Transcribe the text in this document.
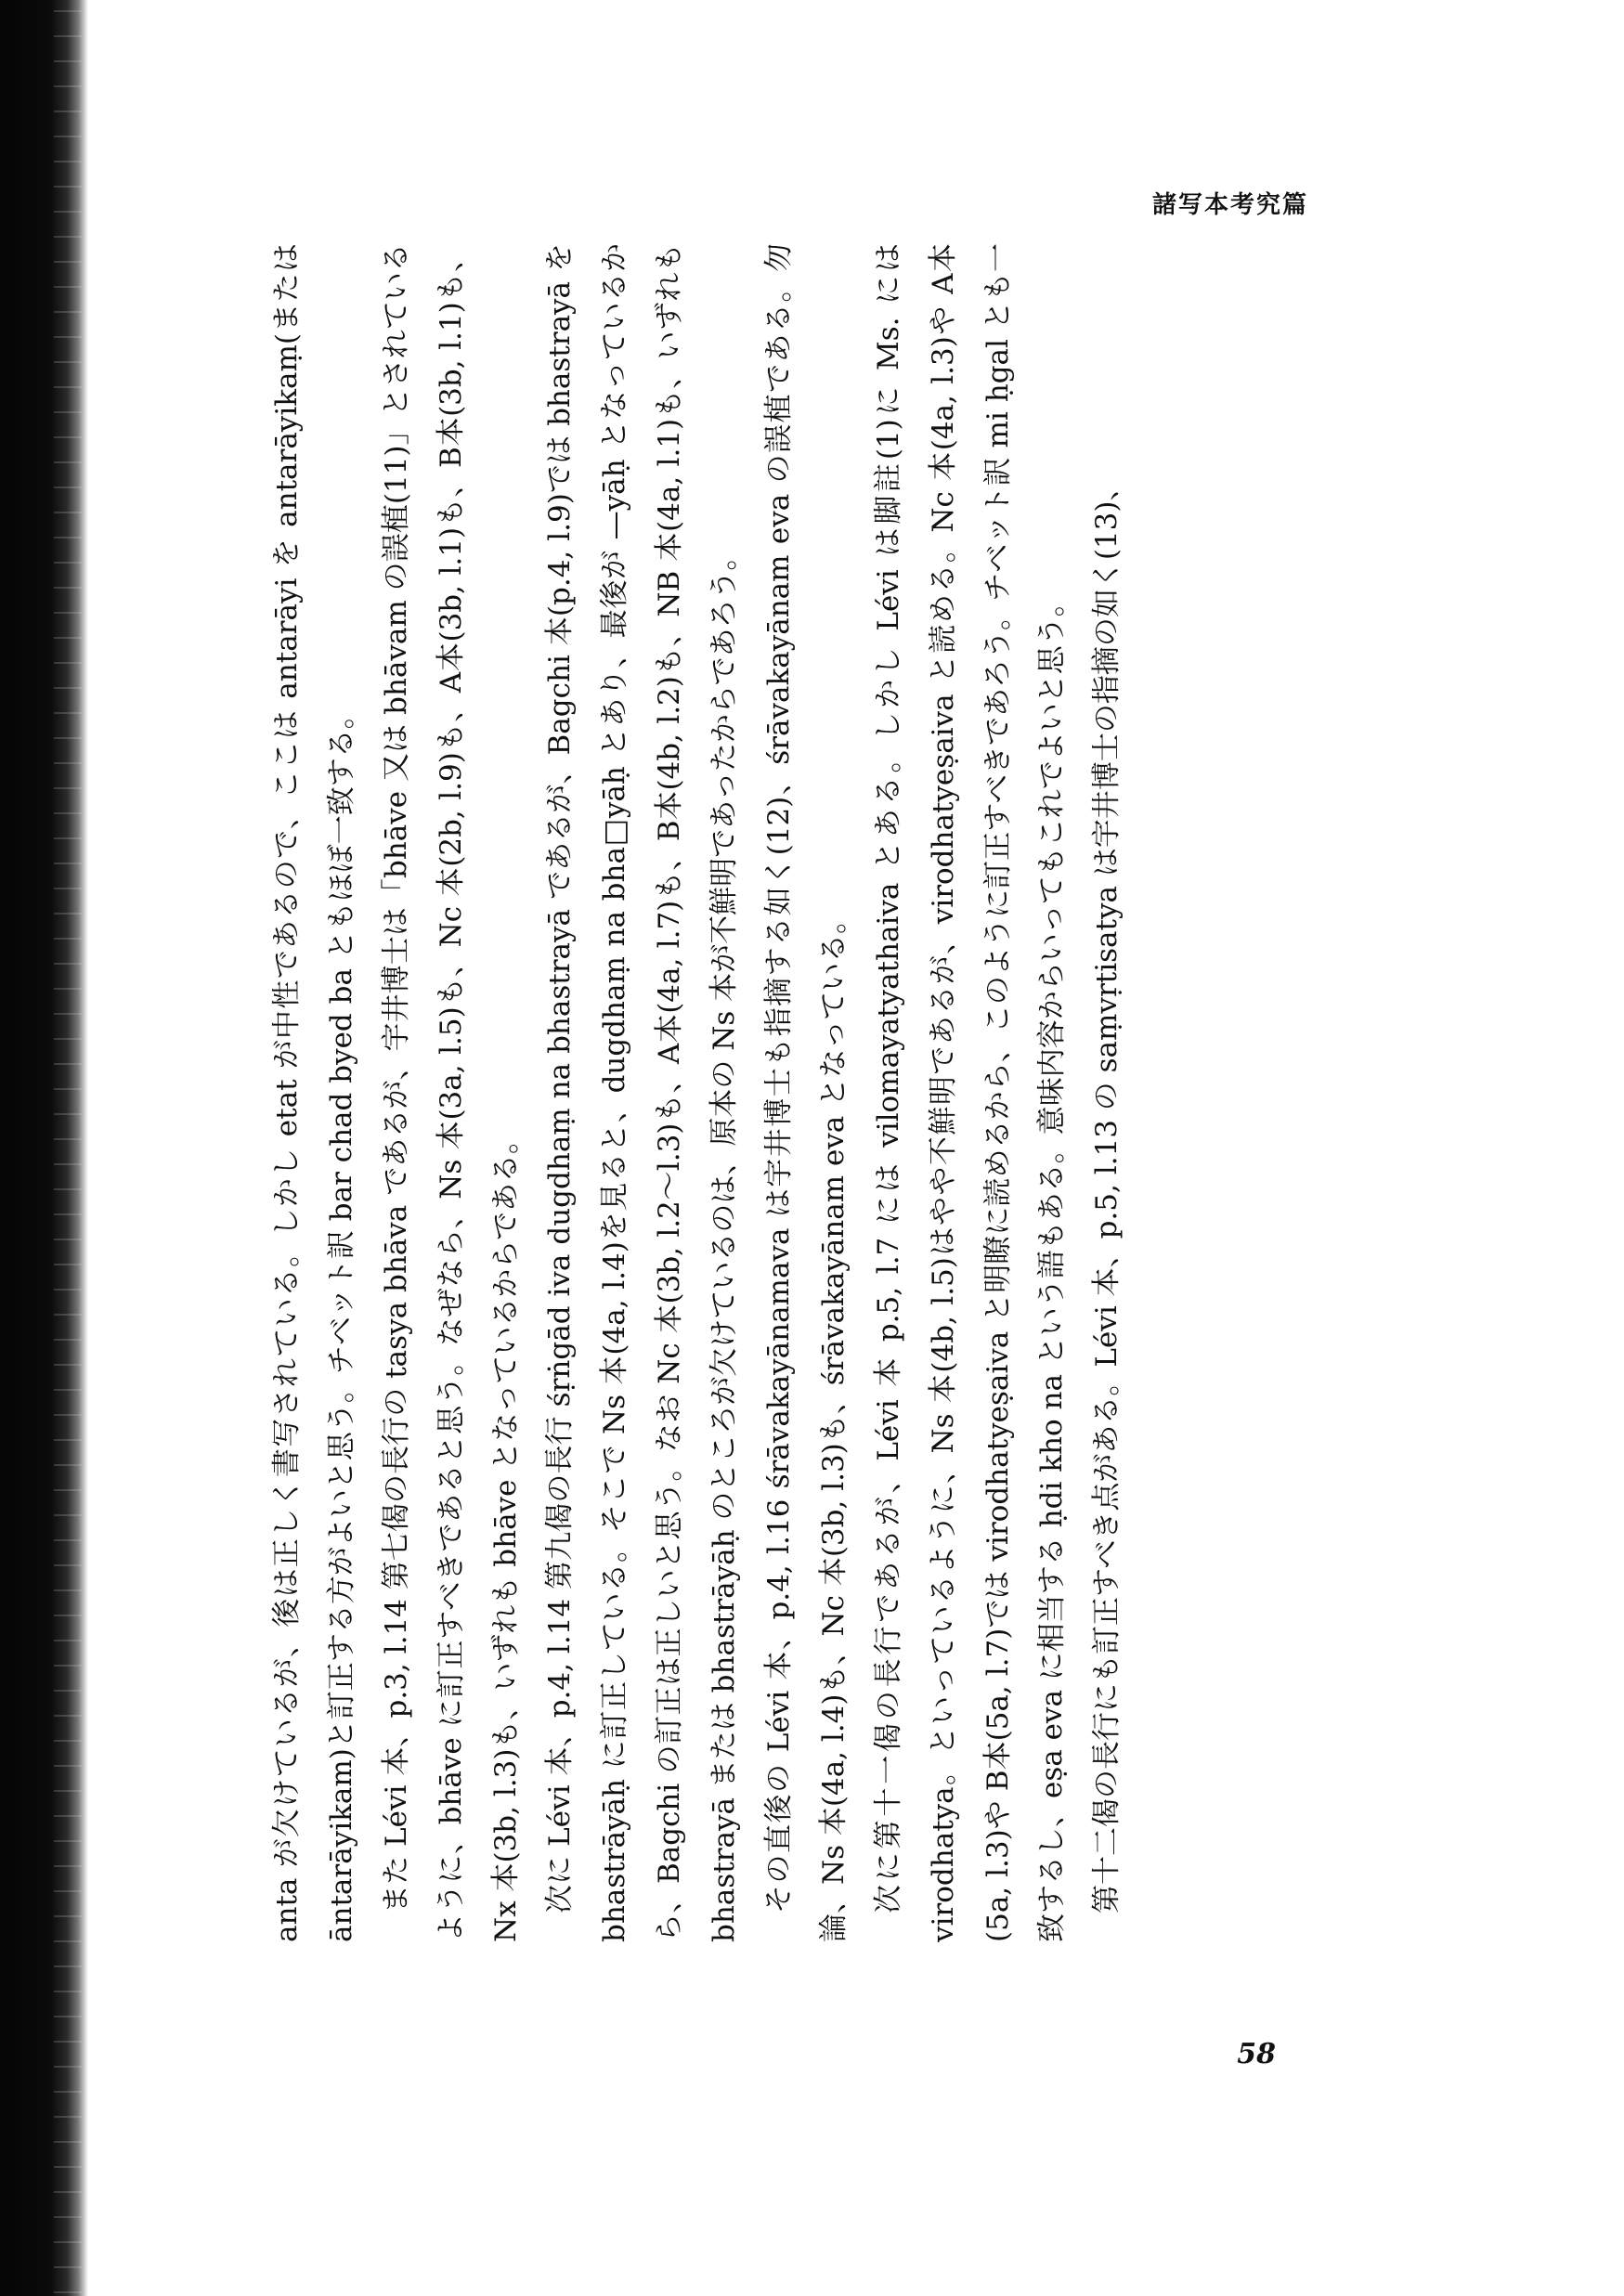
諸写本考究篇

anta が欠けているが、後は正しく書写されている。しかし etat が中性であるので、ここは antarāyi を antarāyikaṃ(または āntarāyikam)と訂正する方がよいと思う。チベット訳 bar chad byed ba ともほぼ一致する。 また Lévi 本、p.3, l.14 第七偈の長行の tasya bhāva であるが、宇井博士は「bhāve 又は bhāvam の誤植(11)」とされているように、bhāve に訂正すべきであると思う。なぜなら、Ns 本(3a, l.5)も、Nc 本(2b, l.9)も、A本(3b, l.1)も、B本(3b, l.1)も、Nx 本(3b, l.3)も、いずれも bhāve となっているからである。 次に Lévi 本、p.4, l.14 第九偈の長行 śṛṅgād iva dugdhaṃ na bhastrayā であるが、Bagchi 本(p.4, l.9)では bhastrayā を bhastrāyāḥ に訂正している。そこで Ns 本(4a, l.4)を見ると、dugdhaṃ na bha□yāḥ とあり、最後が —yāḥ となっているから、Bagchi の訂正は正しいと思う。なお Nc 本(3b, l.2〜l.3)も、A本(4a, l.7)も、B本(4b, l.2)も、NB 本(4a, l.1)も、いずれも bhastrayā または bhastrāyāḥ のところが欠けているのは、原本の Ns 本が不鮮明であったからであろう。 その直後の Lévi 本、p.4, l.16 śrāvakayānamava は宇井博士も指摘する如く(12)、śrāvakayānam eva の誤植である。勿論、Ns 本(4a, l.4)も、Nc 本(3b, l.3)も、śrāvakayānam eva となっている。 次に第十一偈の長行であるが、Lévi 本 p.5, l.7 には vilomayatyathaiva とある。しかし Lévi は脚註(1)に Ms. には virodhatya。といっているように、Ns 本(4b, l.5)はやや不鮮明であるが、virodhatyeṣaiva と読める。Nc 本(4a, l.3)や A本(5a, l.3)や B本(5a, l.7)では virodhatyeṣaiva と明瞭に読めるから、このように訂正すべきであろう。チベット訳 mi ḥgal とも一致するし、eṣa eva に相当する ḥdi kho na という語もある。意味内容からいってもこれでよいと思う。 第十二偈の長行にも訂正すべき点がある。Lévi 本、p.5, l.13 の saṃvṛtisatya は宇井博士の指摘の如く(13)、

58
